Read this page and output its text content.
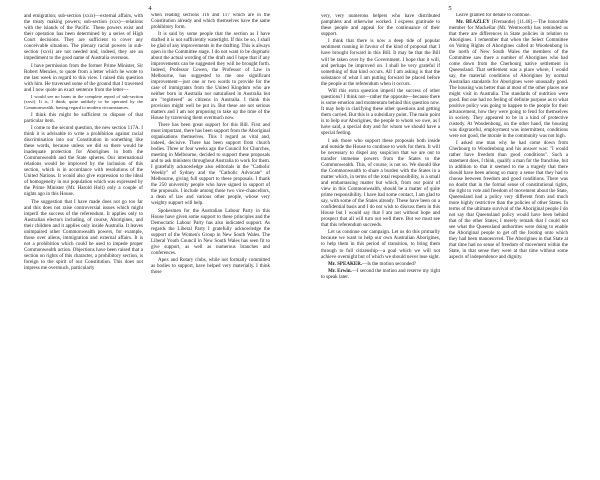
4

and emigration; sub-section (xxix)—external affairs, with the treaty making powers; sub-section (xxx)—relations with the islands of the Pacific. These powers exist and their operation has been determined by a series of High Court decisions. They are sufficient to cover any conceivable situation. The plenary racial powers in sub-section (xxvi) are not needed and, indeed, they are an impediment to the good name of Australia overseas.

I have permission from the former Prime Minister, Sir Robert Menzies, to quote from a letter which he wrote to me last week in regard to this view. I raised this question with him. He traversed some of the ground that I traversed and I now quote an exact sentence from the letter—

I would see no harm in the complete repeal of sub-section (xxvi). It is, I think, quite unlikely to be operated by the Commonwealth, having regard to modern circumstances.

I think this might be sufficient to dispose of that particular item.

I come to the second question, the new section 117A. I think it is advisable to write a prohibition against racial discrimination into our Constitution in something like these words, because unless we did so there would be inadequate protection for Aborigines in both the Commonwealth and the State spheres. Our international relations would be improved by the inclusion of this section, which is in accordance with resolutions of the United Nations. It would also give expression to the ideal of homogeneity in our population which was expressed by the Prime Minister (Mr. Harold Holt) only a couple of nights ago in this House.

The suggestion that I have made does not go too far and this does not raise controversial issues which might imperil the success of the referendum. It applies only to Australian electors including, of course, Aborigines, and their children and it applies only inside Australia. It leaves unimpaired other Commonwealth powers, for example, those over aliens, immigration and external affairs. It is not a prohibition which could be used to impede proper Commonwealth action. Objections have been raised that a section on rights of this character, a prohibitory section, is foreign to the spirit of our Constitution. This does not impress me overmuch, particularly

when reading sections 116 and 117 which are in the Constitution already and which themselves have the same prohibitory form.

It is said by some people that the section as I have drafted it is not sufficiently watertight. If this be so, I shall be glad of any improvements in the drafting. This is always open in the Committee stage. I do not want to be dogmatic about the actual wording of the draft and I hope that if any improvements can be suggested they will be brought forth. Indeed, Professor Cowen, the Professor of Law in Melbourne, has suggested to me one significant improvement—just one or two words to provide for the case of immigrants from the United Kingdom who are neither born in Australia nor naturalised in Australia but are "registered" as citizens in Australia. I think this provision might well be put in. But these are not serious matters and I am not proposing to take up the time of the House by traversing them overmuch now.

There has been great support for this Bill. First and most important, there has been support from the Aboriginal organisations themselves. This I regard as vital and, indeed, decisive. There has been support from church bodies. Three or four weeks ago the Council for Churches, meeting in Melbourne, decided to support these proposals and to ask ministers throughout Australia to work for them. I gratefully acknowledge also editorials in the "Catholic Weekly" of Sydney and the "Catholic Advocate" of Melbourne, giving full support to these proposals. I thank the 250 university people who have signed in support of the proposals. I include among those two vice-chancellors, a dean of law and various other people, whose very weighty support will help.

Spokesmen for the Australian Labour Party in this House have given some support to these principles and the Democratic Labour Party has also indicated support. As regards the Liberal Party I gratefully acknowledge the support of the Women's Group in New South Wales. The Liberal Youth Council in New South Wales has seen fit to give support, as well as numerous branches and conferences.

Apex and Rotary clubs, while not formally committed as bodies to support, have helped very materially. I think those

5

very, very numerous helpers who have distributed pamphlets and otherwise worked. I express gratitude to these people and appeal for the continuance of their support.

I think that there is now a deep tide of popular sentiment running in favour of the kind of proposal that I have brought forward in this Bill. It may be that the Bill will be taken over by the Government. I hope that it will, and perhaps be improved on. I shall be very grateful if something of that kind occurs. All I am asking is that the substance of what I am putting forward be placed before the people at the referendum when it occurs.

Will this extra question imperil the success of other questions? I think not—rather the opposite—because there is some emotion and momentum behind this question now. It may help in clarifying these other questions and getting them carried. But this is a subsidiary point. The main point is to help our Aborigines, the people to whom we owe, as I have said, a special duty and for whom we should have a special feeling.

I ask those who support these proposals both inside and outside the House to continue to work for them. It will be necessary to dispel any suspicion that we are out to transfer immense powers from the States to the Commonwealth. This, of course, is not so. We should like the Commonwealth to share a burden with the States in a matter which, in terms of the total responsibility, is a small and embarrassing matter but which, from our point of view in this Commonwealth, should be a matter of quite prime responsibility. I have had some contact, I am glad to say, with some of the States already. These have been on a confidential basis and I do not wish to discuss them in this House but I would say that I am not without hope and prospect that all will turn out well there. But we must see that this referendum succeeds.

Let us continue our campaign. Let us do this primarily because we want to help our own Australian Aborigines, to help them in this period of transition, to bring them through to full citizenship—a goal which we will not achieve overnight but of which we should never lose sight.

Mr. SPEAKER.—Is the motion seconded?

Mr. Erwin.—I second the motion and reserve my right to speak later.

Leave granted for debate to continue.

Mr. BEAZLEY (Fremantle) [11.46].—The honorable member for Mackellar (Mr. Wentworth) has reminded us that there are differences in State policies in relation to Aborigines. I remember that when the Select Committee on Voting Rights of Aborigines called at Woodenbong in the north of New South Wales the members of the Committee saw there a number of Aborigines who had come down from the Cherbourg native settlement in Queensland. That settlement was a place where, I would say, the material conditions of Aborigines by normal Australian standards for Aborigines were unusually good. The housing was better than at most of the other places one might visit in Australia. The standards of nutrition were good. But one had no feeling of definite purpose as to what positive policy was going to happen to the people for their advancement, how they were going to fend for themselves in society. They appeared to be in a kind of protective custody. At Woodenbong, on the other hand, the housing was disgraceful, employment was intermittent, conditions were not good, the morale in the community was not high.

I asked one man why he had come down from Cherbourg to Woodenbong and his answer was: "I would rather have freedom than good conditions". Such a statement does, I think, qualify a man for the franchise, but in addition to that it seemed to me a tragedy that there should have been among so many a sense that they had to choose between freedom and good conditions. There was no doubt that in the formal sense of constitutional rights, the right to vote and freedom of movement about the State, Queensland had a policy very different from and much more highly restrictive than the policies of other States. In terms of the ultimate survival of the Aboriginal people I do not say that Queensland policy would have been behind that of the other States; I merely remark that I could not see what the Queensland authorities were doing to enable the Aboriginal people to get off the footing onto which they had been manoeuvred. The Aborigines in that State at that time had no sense of freedom of movement within the State, in that sense they were at that time without some aspects of independence and dignity.
